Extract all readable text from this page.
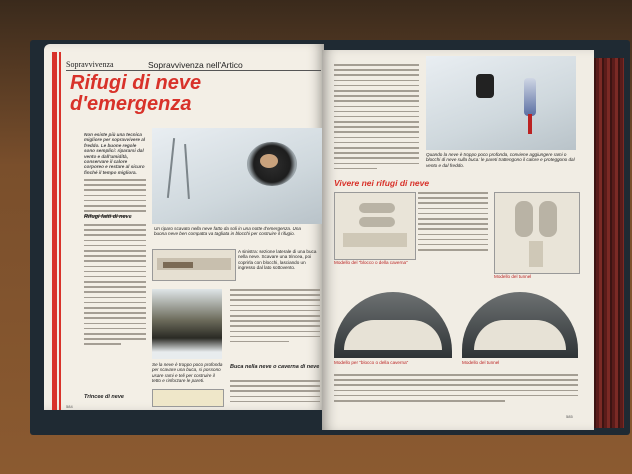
Sopravvivenza	Sopravvivenza nell'Artico
Rifugi di neve
d'emergenza
Non esiste più una tecnica migliore per sopravvivere al freddo. Le buone regole sono semplici: ripararsi dal vento e dall'umidità, conservare il calore corporeo e restare al sicuro finché il tempo migliora.
Rifugi fatti di neve
Trincee di neve
Un riparo scavato nella neve fatto da soli in una notte d'emergenza. Una buona neve ben compatta va tagliata in blocchi per costruire il rifugio.
A sinistra: sezione laterale di una buca nella neve. Scavare una trincea, poi coprirla con blocchi, lasciando un ingresso dal lato sottovento.
Se la neve è troppo poco profonda per scavare una buca, si possono usare rami e teli per costruire il tetto e rinforzare le pareti.
Buca nella neve o caverna di neve
584
Quando la neve è troppo poco profonda, conviene aggiungere rami o blocchi di neve sulla buca: le pareti trattengono il calore e proteggono dal vento e dal freddo.
Vivere nei rifugi di neve
Modello del "blocco o della caverna"
Modello del tunnel
Modello per "blocco o della caverna"	Modello del tunnel
585
